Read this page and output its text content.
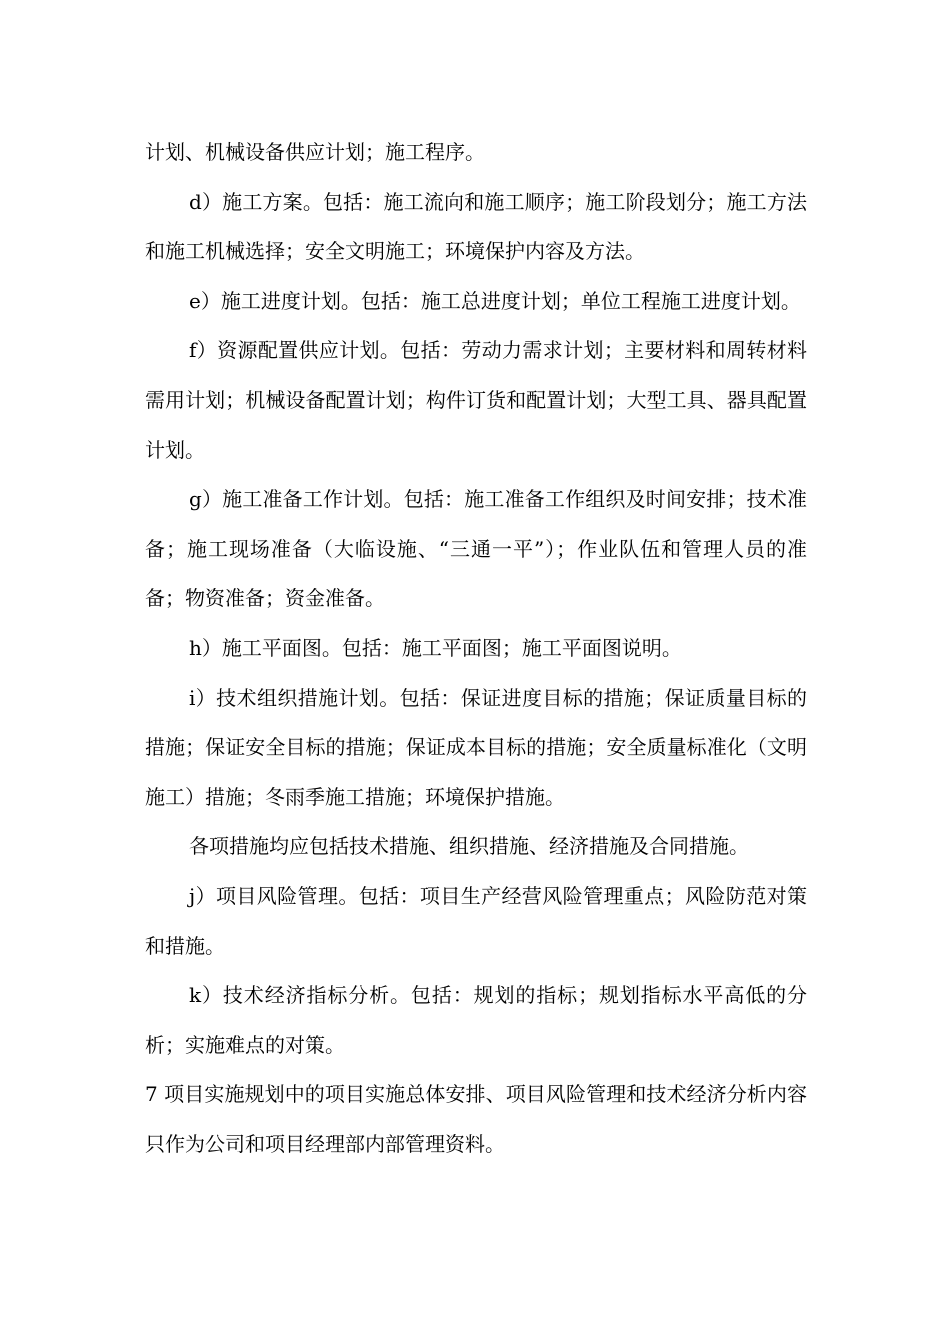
计划、机械设备供应计划；施工程序。

d）施工方案。包括：施工流向和施工顺序；施工阶段划分；施工方法和施工机械选择；安全文明施工；环境保护内容及方法。

e）施工进度计划。包括：施工总进度计划；单位工程施工进度计划。

f）资源配置供应计划。包括：劳动力需求计划；主要材料和周转材料需用计划；机械设备配置计划；构件订货和配置计划；大型工具、器具配置计划。

g）施工准备工作计划。包括：施工准备工作组织及时间安排；技术准备；施工现场准备（大临设施、“三通一平”）；作业队伍和管理人员的准备；物资准备；资金准备。

h）施工平面图。包括：施工平面图；施工平面图说明。

i）技术组织措施计划。包括：保证进度目标的措施；保证质量目标的措施；保证安全目标的措施；保证成本目标的措施；安全质量标准化（文明施工）措施；冬雨季施工措施；环境保护措施。

各项措施均应包括技术措施、组织措施、经济措施及合同措施。

j）项目风险管理。包括：项目生产经营风险管理重点；风险防范对策和措施。

k）技术经济指标分析。包括：规划的指标；规划指标水平高低的分析；实施难点的对策。

7 项目实施规划中的项目实施总体安排、项目风险管理和技术经济分析内容只作为公司和项目经理部内部管理资料。
